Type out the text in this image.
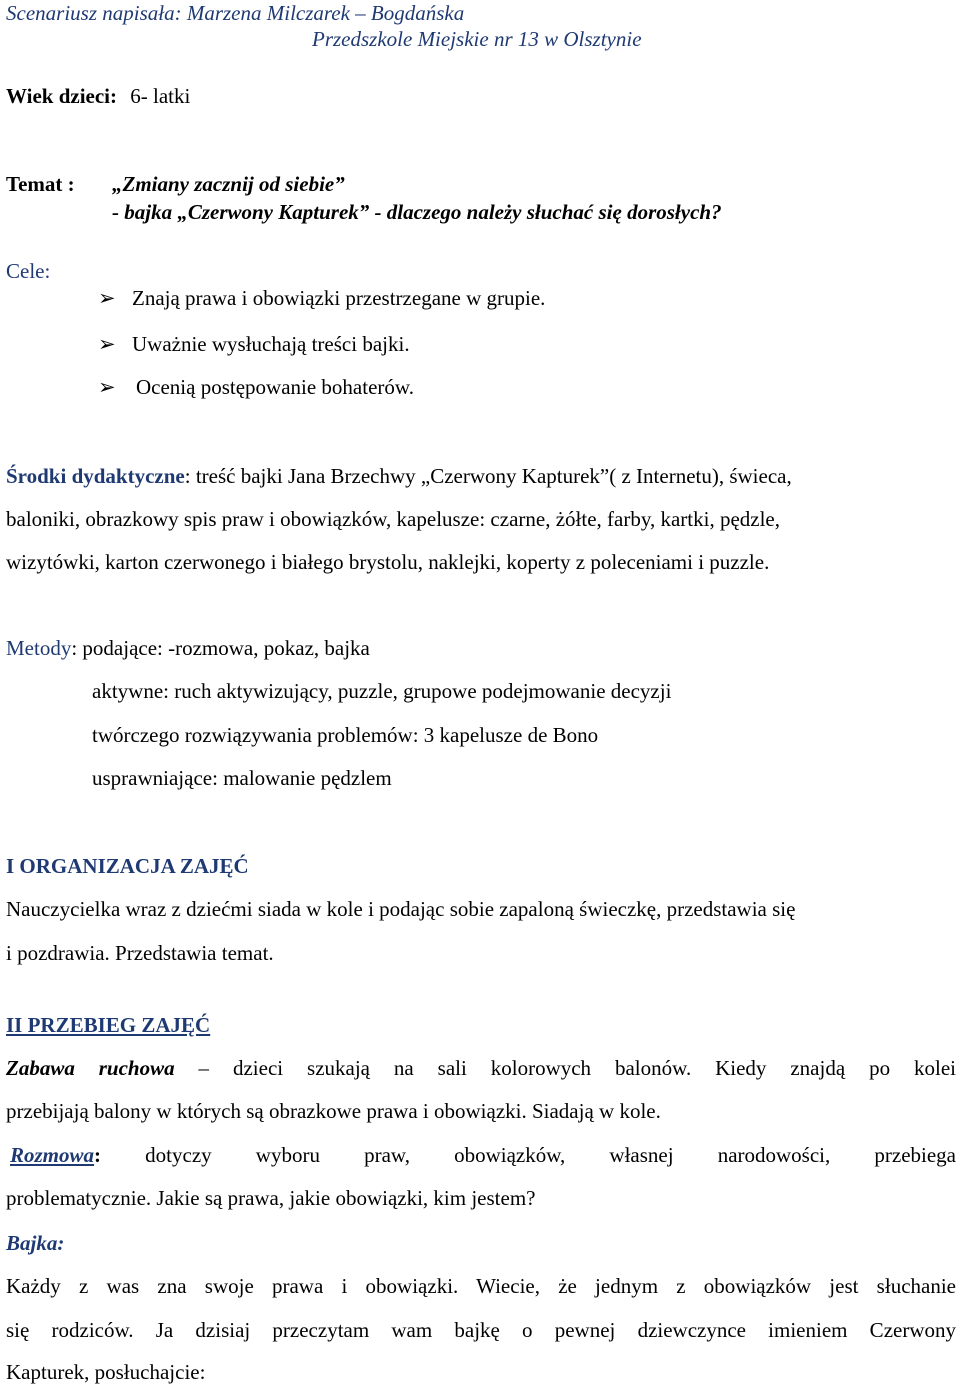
Scenariusz napisała: Marzena Milczarek – Bogdańska
Przedszkole Miejskie nr 13 w Olsztynie
Wiek dzieci: 6- latki
Temat : „Zmiany zacznij od siebie”
- bajka „Czerwony Kapturek” - dlaczego należy słuchać się dorosłych?
Cele:
➢ Znają prawa i obowiązki przestrzegane w grupie.
➢ Uważnie wysłuchają treści bajki.
➢ Ocenią postępowanie bohaterów.
Środki dydaktyczne: treść bajki Jana Brzechwy „Czerwony Kapturek”( z Internetu), świeca,
baloniki, obrazkowy spis praw i obowiązków, kapelusze: czarne, żółte, farby, kartki, pędzle,
wizytówki, karton czerwonego i białego brystolu, naklejki, koperty z poleceniami i puzzle.
Metody: podające: -rozmowa, pokaz, bajka
aktywne: ruch aktywizujący, puzzle, grupowe podejmowanie decyzji
twórczego rozwiązywania problemów: 3 kapelusze de Bono
usprawniające: malowanie pędzlem
I ORGANIZACJA ZAJĘĆ
Nauczycielka wraz z dziećmi siada w kole i podając sobie zapaloną świeczkę, przedstawia się
i pozdrawia. Przedstawia temat.
II PRZEBIEG ZAJĘĆ
Zabawa ruchowa – dzieci szukają na sali kolorowych balonów. Kiedy znajdą po kolei
przebijają balony w których są obrazkowe prawa i obowiązki. Siadają w kole.
Rozmowa: dotyczy wyboru praw, obowiązków, własnej narodowości, przebiega
problematycznie. Jakie są prawa, jakie obowiązki, kim jestem?
Bajka:
Każdy z was zna swoje prawa i obowiązki. Wiecie, że jednym z obowiązków jest słuchanie
się rodziców. Ja dzisiaj przeczytam wam bajkę o pewnej dziewczynce imieniem Czerwony
Kapturek, posłuchajcie:
